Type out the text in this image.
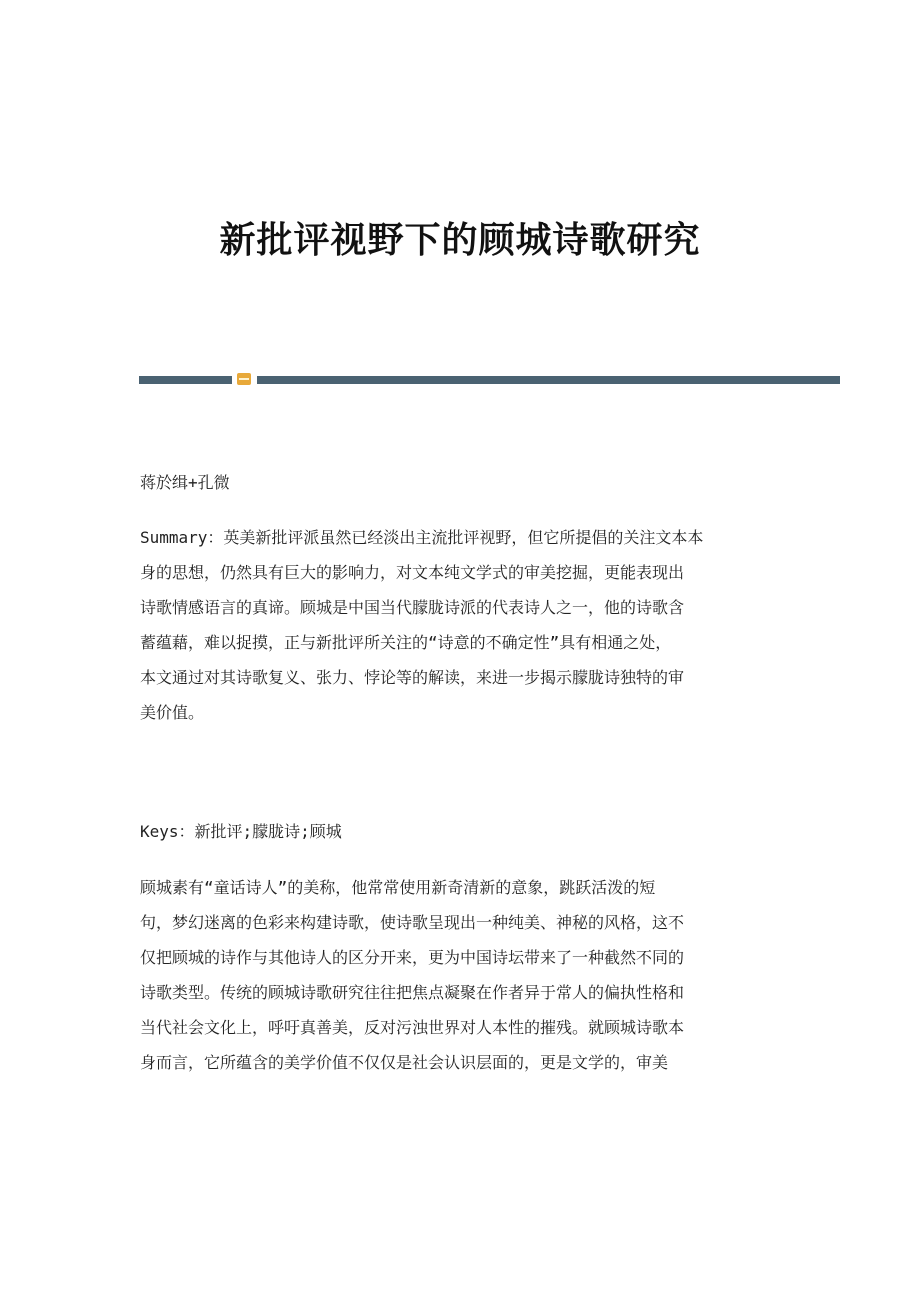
新批评视野下的顾城诗歌研究

蒋於缉+孔微

Summary：英美新批评派虽然已经淡出主流批评视野，但它所提倡的关注文本本
身的思想，仍然具有巨大的影响力，对文本纯文学式的审美挖掘，更能表现出
诗歌情感语言的真谛。顾城是中国当代朦胧诗派的代表诗人之一，他的诗歌含
蓄蕴藉，难以捉摸，正与新批评所关注的“诗意的不确定性”具有相通之处，
本文通过对其诗歌复义、张力、悖论等的解读，来进一步揭示朦胧诗独特的审
美价值。

Keys：新批评;朦胧诗;顾城

顾城素有“童话诗人”的美称，他常常使用新奇清新的意象，跳跃活泼的短
句，梦幻迷离的色彩来构建诗歌，使诗歌呈现出一种纯美、神秘的风格，这不
仅把顾城的诗作与其他诗人的区分开来，更为中国诗坛带来了一种截然不同的
诗歌类型。传统的顾城诗歌研究往往把焦点凝聚在作者异于常人的偏执性格和
当代社会文化上，呼吁真善美，反对污浊世界对人本性的摧残。就顾城诗歌本
身而言，它所蕴含的美学价值不仅仅是社会认识层面的，更是文学的，审美
